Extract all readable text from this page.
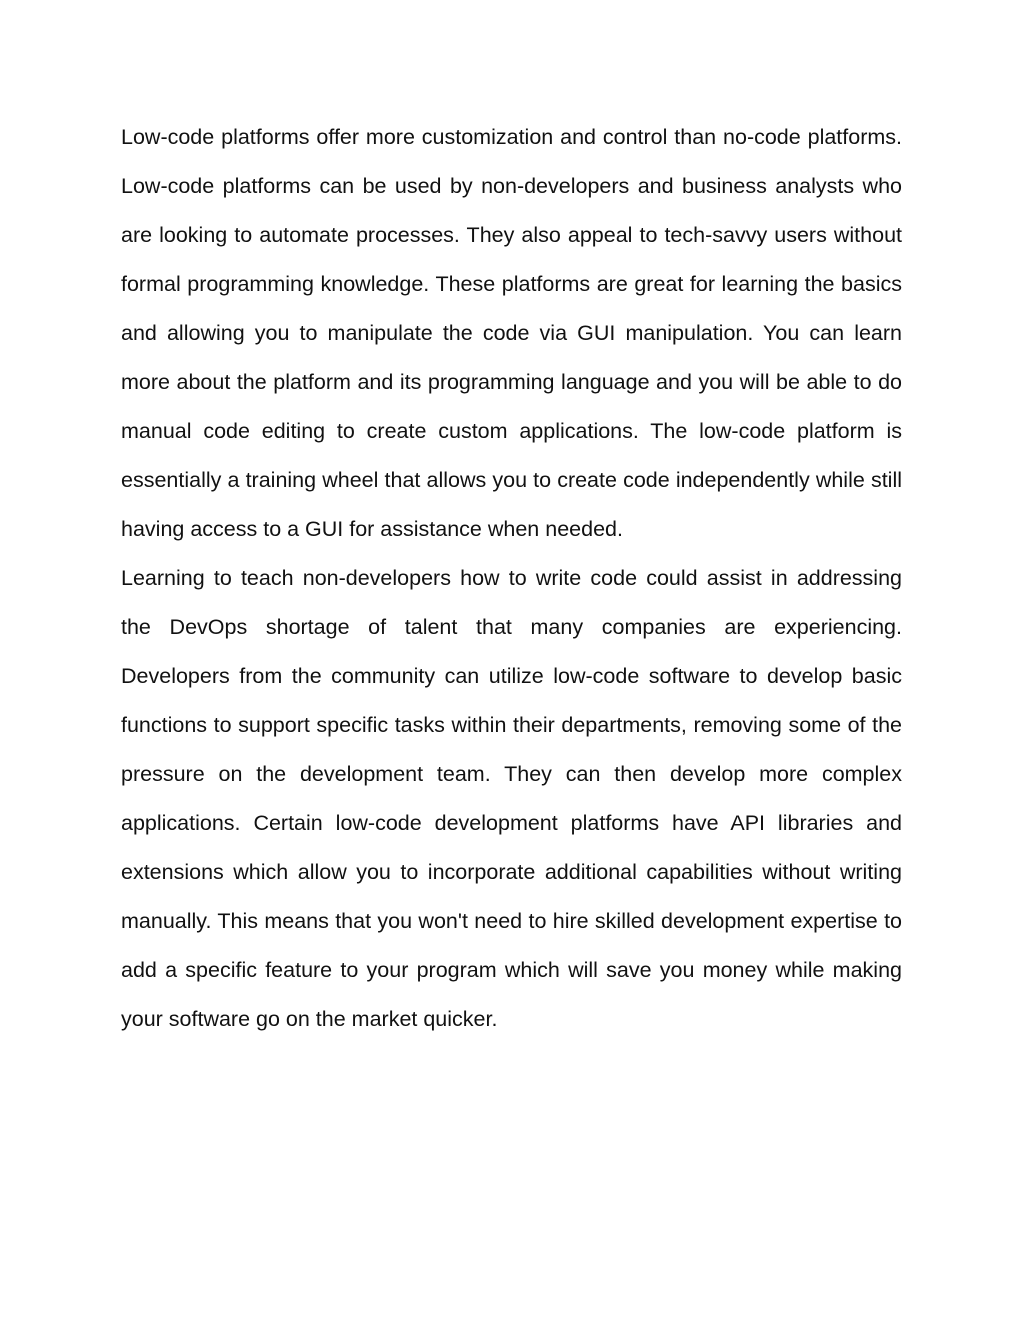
Low-code platforms offer more customization and control than no-code platforms. Low-code platforms can be used by non-developers and business analysts who are looking to automate processes. They also appeal to tech-savvy users without formal programming knowledge. These platforms are great for learning the basics and allowing you to manipulate the code via GUI manipulation. You can learn more about the platform and its programming language and you will be able to do manual code editing to create custom applications. The low-code platform is essentially a training wheel that allows you to create code independently while still having access to a GUI for assistance when needed.

Learning to teach non-developers how to write code could assist in addressing the DevOps shortage of talent that many companies are experiencing. Developers from the community can utilize low-code software to develop basic functions to support specific tasks within their departments, removing some of the pressure on the development team. They can then develop more complex applications. Certain low-code development platforms have API libraries and extensions which allow you to incorporate additional capabilities without writing manually. This means that you won't need to hire skilled development expertise to add a specific feature to your program which will save you money while making your software go on the market quicker.
